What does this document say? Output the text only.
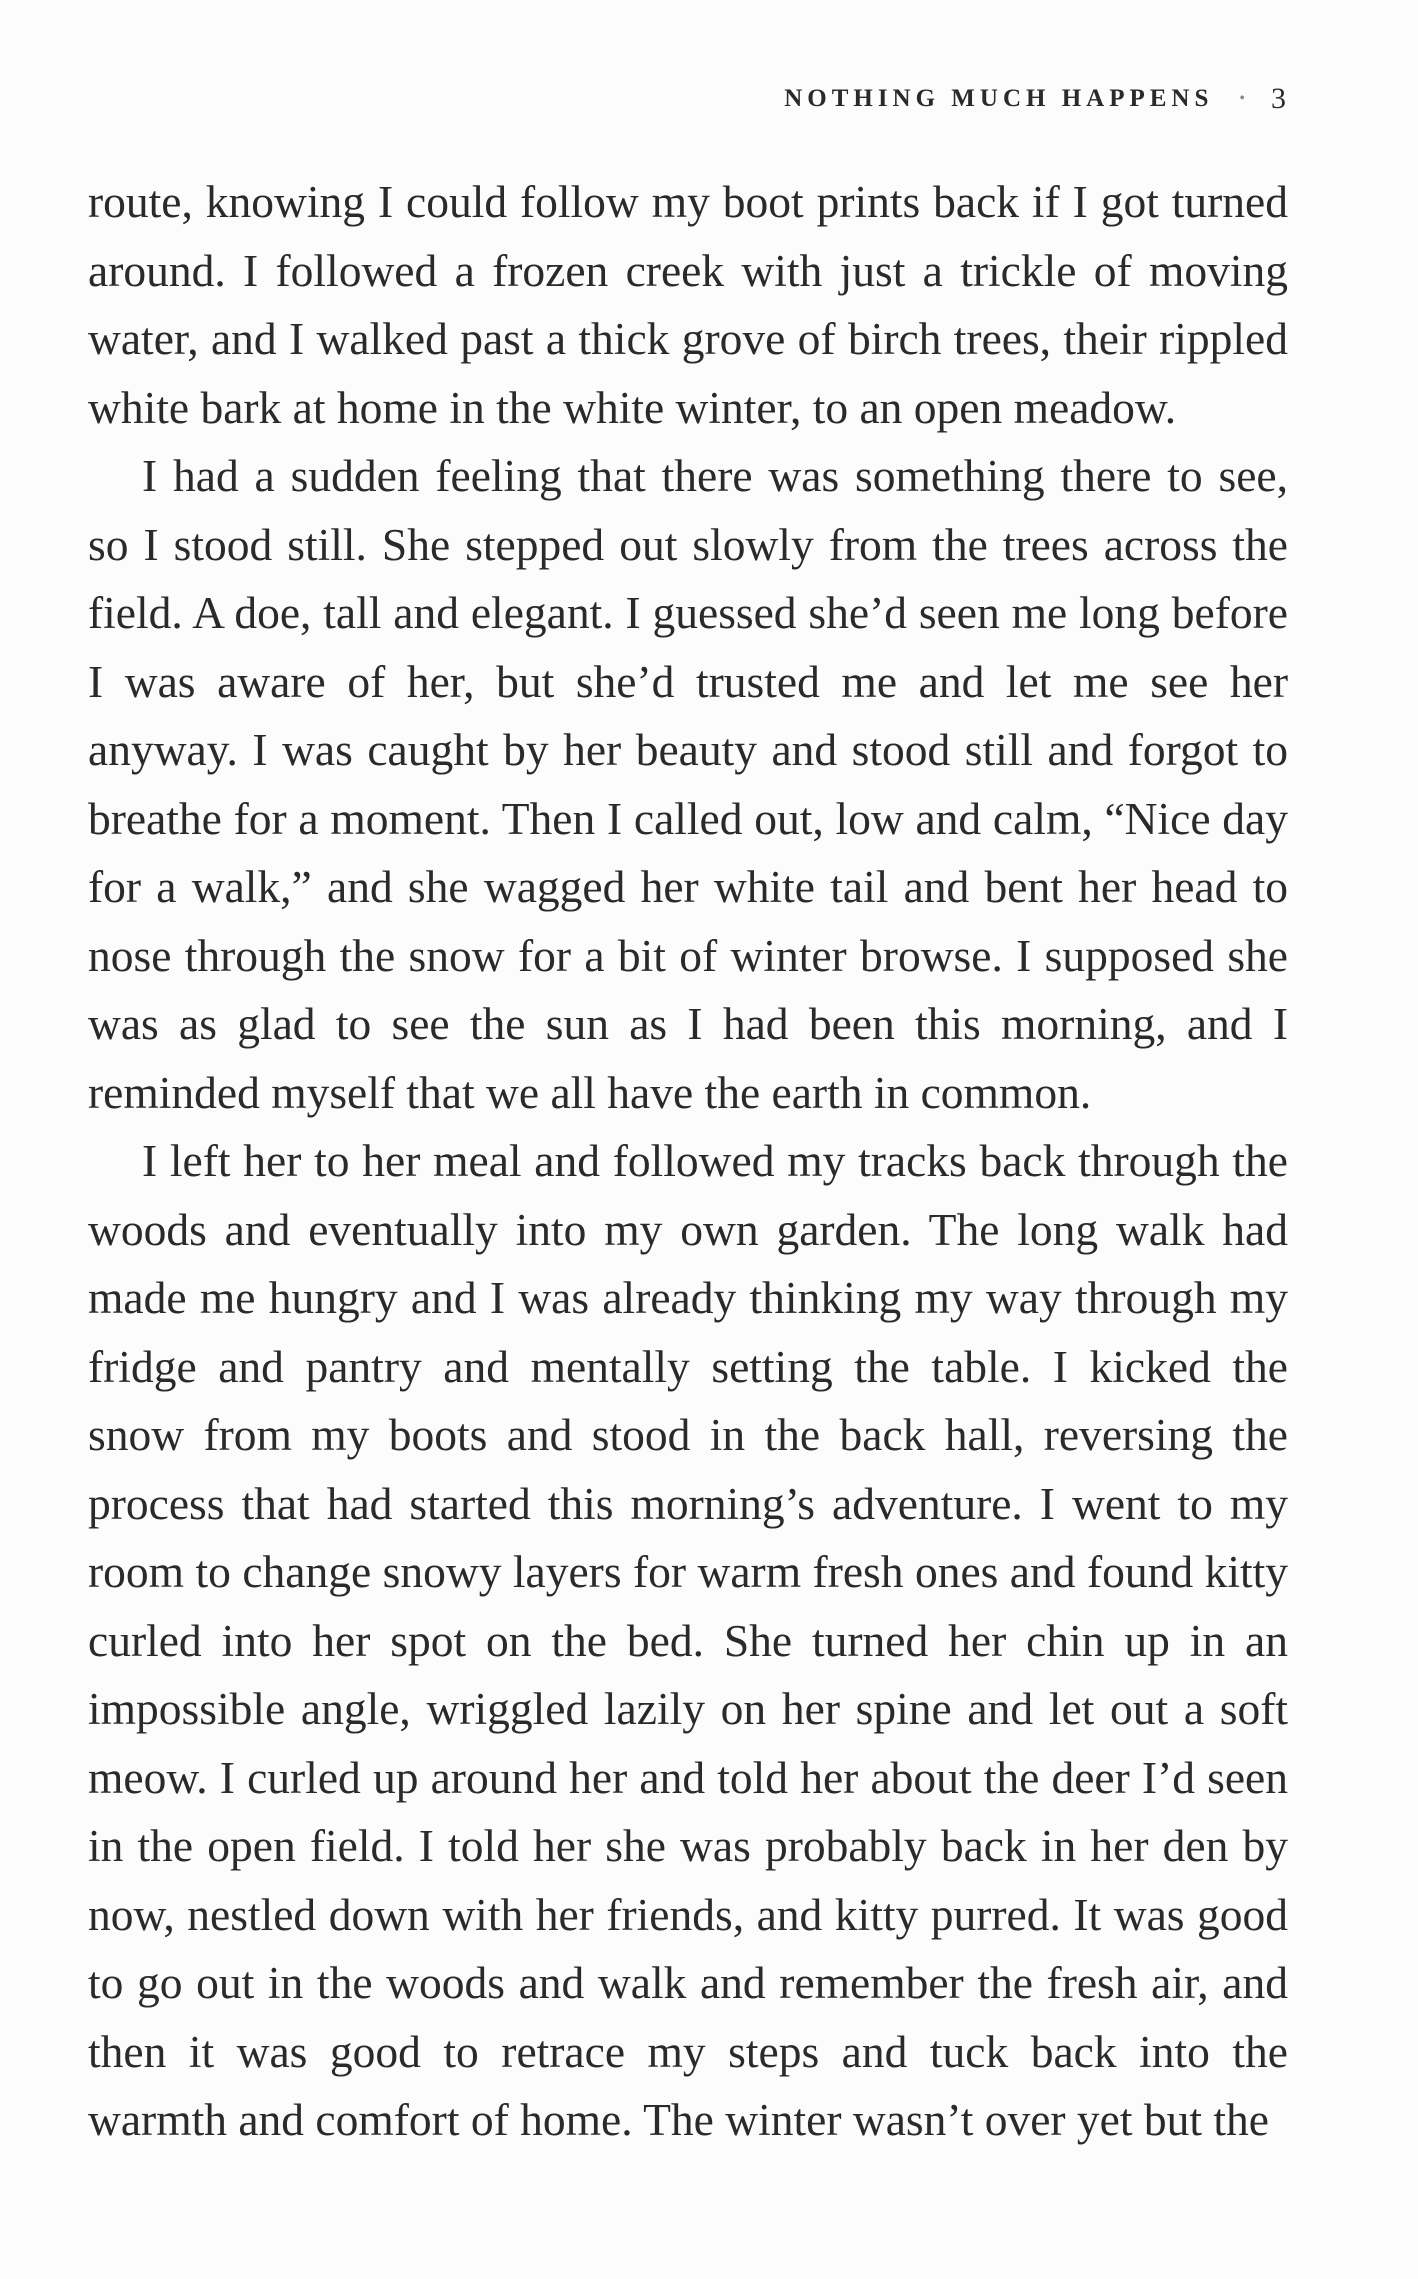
NOTHING MUCH HAPPENS • 3

route, knowing I could follow my boot prints back if I got turned around. I followed a frozen creek with just a trickle of moving water, and I walked past a thick grove of birch trees, their rippled white bark at home in the white winter, to an open meadow.

I had a sudden feeling that there was something there to see, so I stood still. She stepped out slowly from the trees across the field. A doe, tall and elegant. I guessed she’d seen me long before I was aware of her, but she’d trusted me and let me see her anyway. I was caught by her beauty and stood still and forgot to breathe for a moment. Then I called out, low and calm, “Nice day for a walk,” and she wagged her white tail and bent her head to nose through the snow for a bit of winter browse. I supposed she was as glad to see the sun as I had been this morning, and I reminded myself that we all have the earth in common.

I left her to her meal and followed my tracks back through the woods and eventually into my own garden. The long walk had made me hungry and I was already thinking my way through my fridge and pantry and mentally setting the table. I kicked the snow from my boots and stood in the back hall, reversing the process that had started this morning’s adventure. I went to my room to change snowy layers for warm fresh ones and found kitty curled into her spot on the bed. She turned her chin up in an impossible angle, wriggled lazily on her spine and let out a soft meow. I curled up around her and told her about the deer I’d seen in the open field. I told her she was probably back in her den by now, nestled down with her friends, and kitty purred. It was good to go out in the woods and walk and remember the fresh air, and then it was good to retrace my steps and tuck back into the warmth and comfort of home. The winter wasn’t over yet but the
